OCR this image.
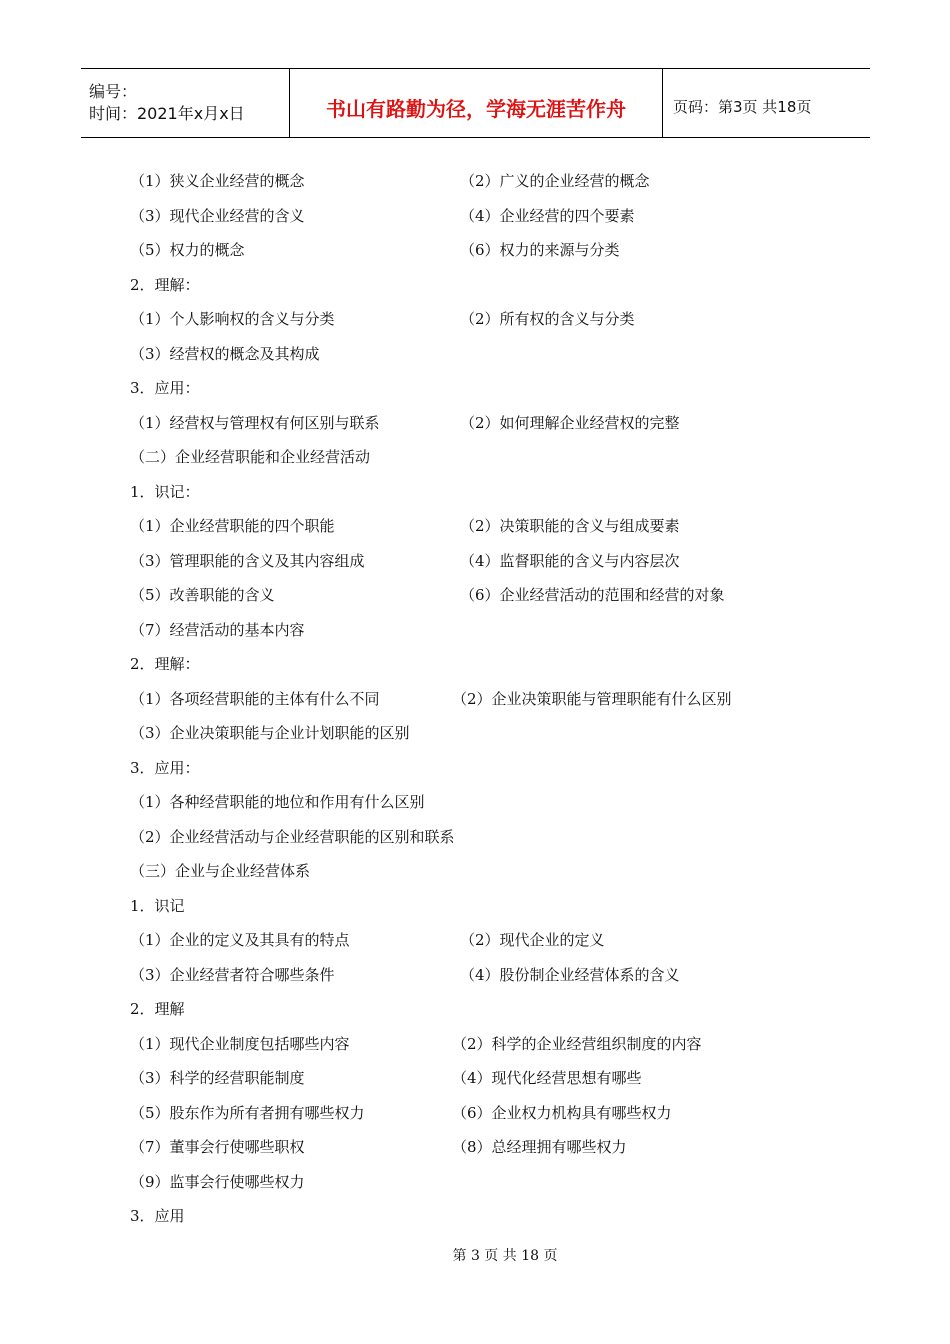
编号：
时间：2021年x月x日	书山有路勤为径，学海无涯苦作舟	页码：第3页 共18页
（1）狭义企业经营的概念	（2）广义的企业经营的概念
（3）现代企业经营的含义	（4）企业经营的四个要素
（5）权力的概念	（6）权力的来源与分类
2．理解：
（1）个人影响权的含义与分类	（2）所有权的含义与分类
（3）经营权的概念及其构成
3．应用：
（1）经营权与管理权有何区别与联系	（2）如何理解企业经营权的完整
（二）企业经营职能和企业经营活动
1．识记：
（1）企业经营职能的四个职能	（2）决策职能的含义与组成要素
（3）管理职能的含义及其内容组成	（4）监督职能的含义与内容层次
（5）改善职能的含义	（6）企业经营活动的范围和经营的对象
（7）经营活动的基本内容
2．理解：
（1）各项经营职能的主体有什么不同	（2）企业决策职能与管理职能有什么区别
（3）企业决策职能与企业计划职能的区别
3．应用：
（1）各种经营职能的地位和作用有什么区别
（2）企业经营活动与企业经营职能的区别和联系
（三）企业与企业经营体系
1．识记
（1）企业的定义及其具有的特点	（2）现代企业的定义
（3）企业经营者符合哪些条件	（4）股份制企业经营体系的含义
2．理解
（1）现代企业制度包括哪些内容	（2）科学的企业经营组织制度的内容
（3）科学的经营职能制度	（4）现代化经营思想有哪些
（5）股东作为所有者拥有哪些权力	（6）企业权力机构具有哪些权力
（7）董事会行使哪些职权	（8）总经理拥有哪些权力
（9）监事会行使哪些权力
3．应用
第 3 页 共 18 页
